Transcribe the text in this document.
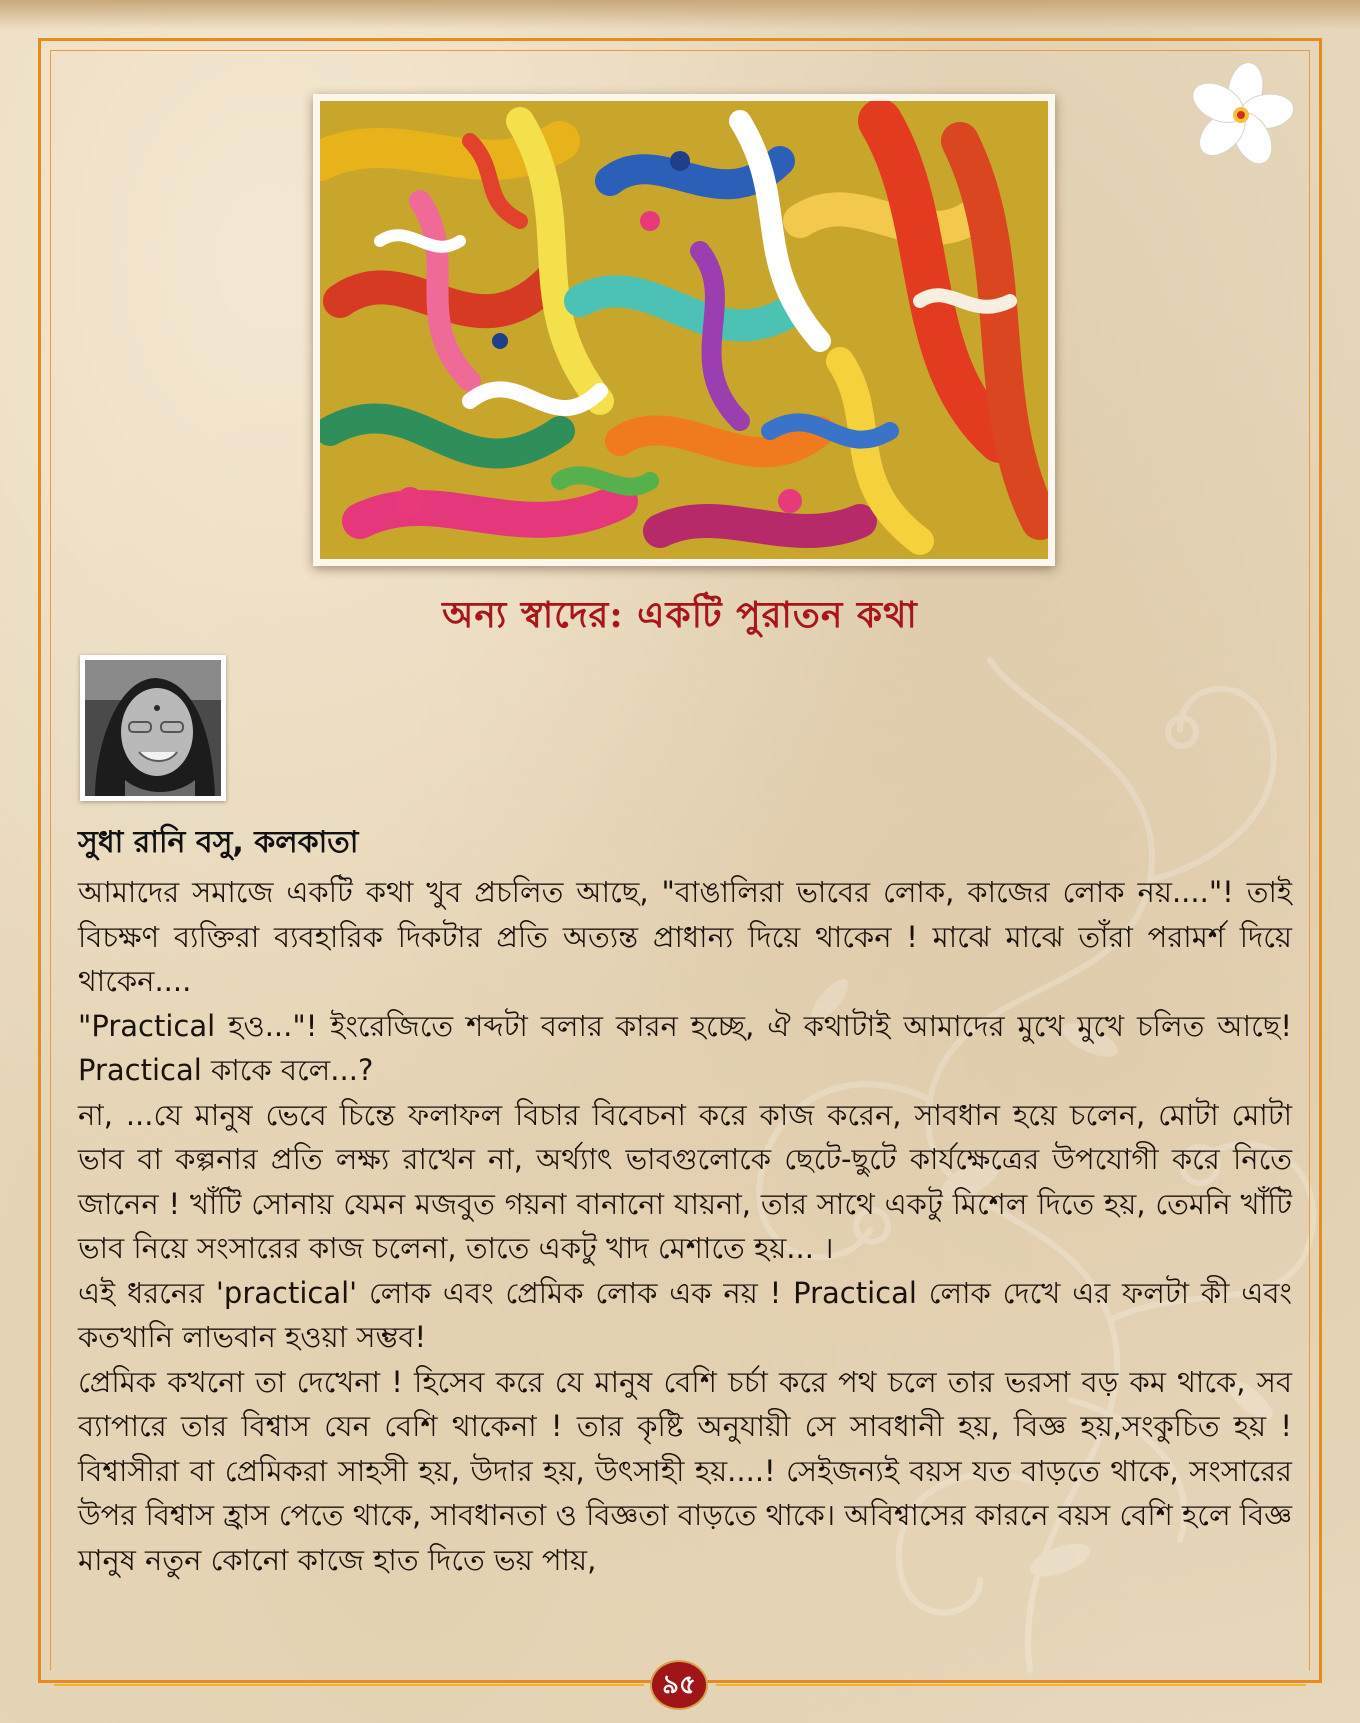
অন্য স্বাদের: একটি পুরাতন কথা
সুধা রানি বসু, কলকাতা

আমাদের সমাজে একটি কথা খুব প্রচলিত আছে, "বাঙালিরা ভাবের লোক, কাজের লোক নয়...."! তাই বিচক্ষণ ব্যক্তিরা ব্যবহারিক দিকটার প্রতি অত্যন্ত প্রাধান্য দিয়ে থাকেন ! মাঝে মাঝে তাঁরা পরামর্শ দিয়ে থাকেন....

"Practical হও..."! ইংরেজিতে শব্দটা বলার কারন হচ্ছে, ঐ কথাটাই আমাদের মুখে মুখে চলিত আছে! Practical কাকে বলে...?

না, ...যে মানুষ ভেবে চিন্তে ফলাফল বিচার বিবেচনা করে কাজ করেন, সাবধান হয়ে চলেন, মোটা মোটা ভাব বা কল্পনার প্রতি লক্ষ্য রাখেন না, অর্থ্যাৎ ভাবগুলোকে ছেটে-ছুটে কার্যক্ষেত্রের উপযোগী করে নিতে জানেন ! খাঁটি সোনায় যেমন মজবুত গয়না বানানো যায়না, তার সাথে একটু মিশেল দিতে হয়, তেমনি খাঁটি ভাব নিয়ে সংসারের কাজ চলেনা, তাতে একটু খাদ মেশাতে হয়... ।

এই ধরনের 'practical' লোক এবং প্রেমিক লোক এক নয় ! Practical লোক দেখে এর ফলটা কী এবং কতখানি লাভবান হওয়া সম্ভব!

প্রেমিক কখনো তা দেখেনা ! হিসেব করে যে মানুষ বেশি চর্চা করে পথ চলে তার ভরসা বড় কম থাকে, সব ব্যাপারে তার বিশ্বাস যেন বেশি থাকেনা ! তার কৃষ্টি অনুযায়ী সে সাবধানী হয়, বিজ্ঞ হয়,সংকুচিত হয় !বিশ্বাসীরা বা প্রেমিকরা সাহসী হয়, উদার হয়, উৎসাহী হয়....! সেইজন্যই বয়স যত বাড়তে থাকে, সংসারের উপর বিশ্বাস হ্রাস পেতে থাকে, সাবধানতা ও বিজ্ঞতা বাড়তে থাকে। অবিশ্বাসের কারনে বয়স বেশি হলে বিজ্ঞ মানুষ নতুন কোনো কাজে হাত দিতে ভয় পায়,

৯৫
